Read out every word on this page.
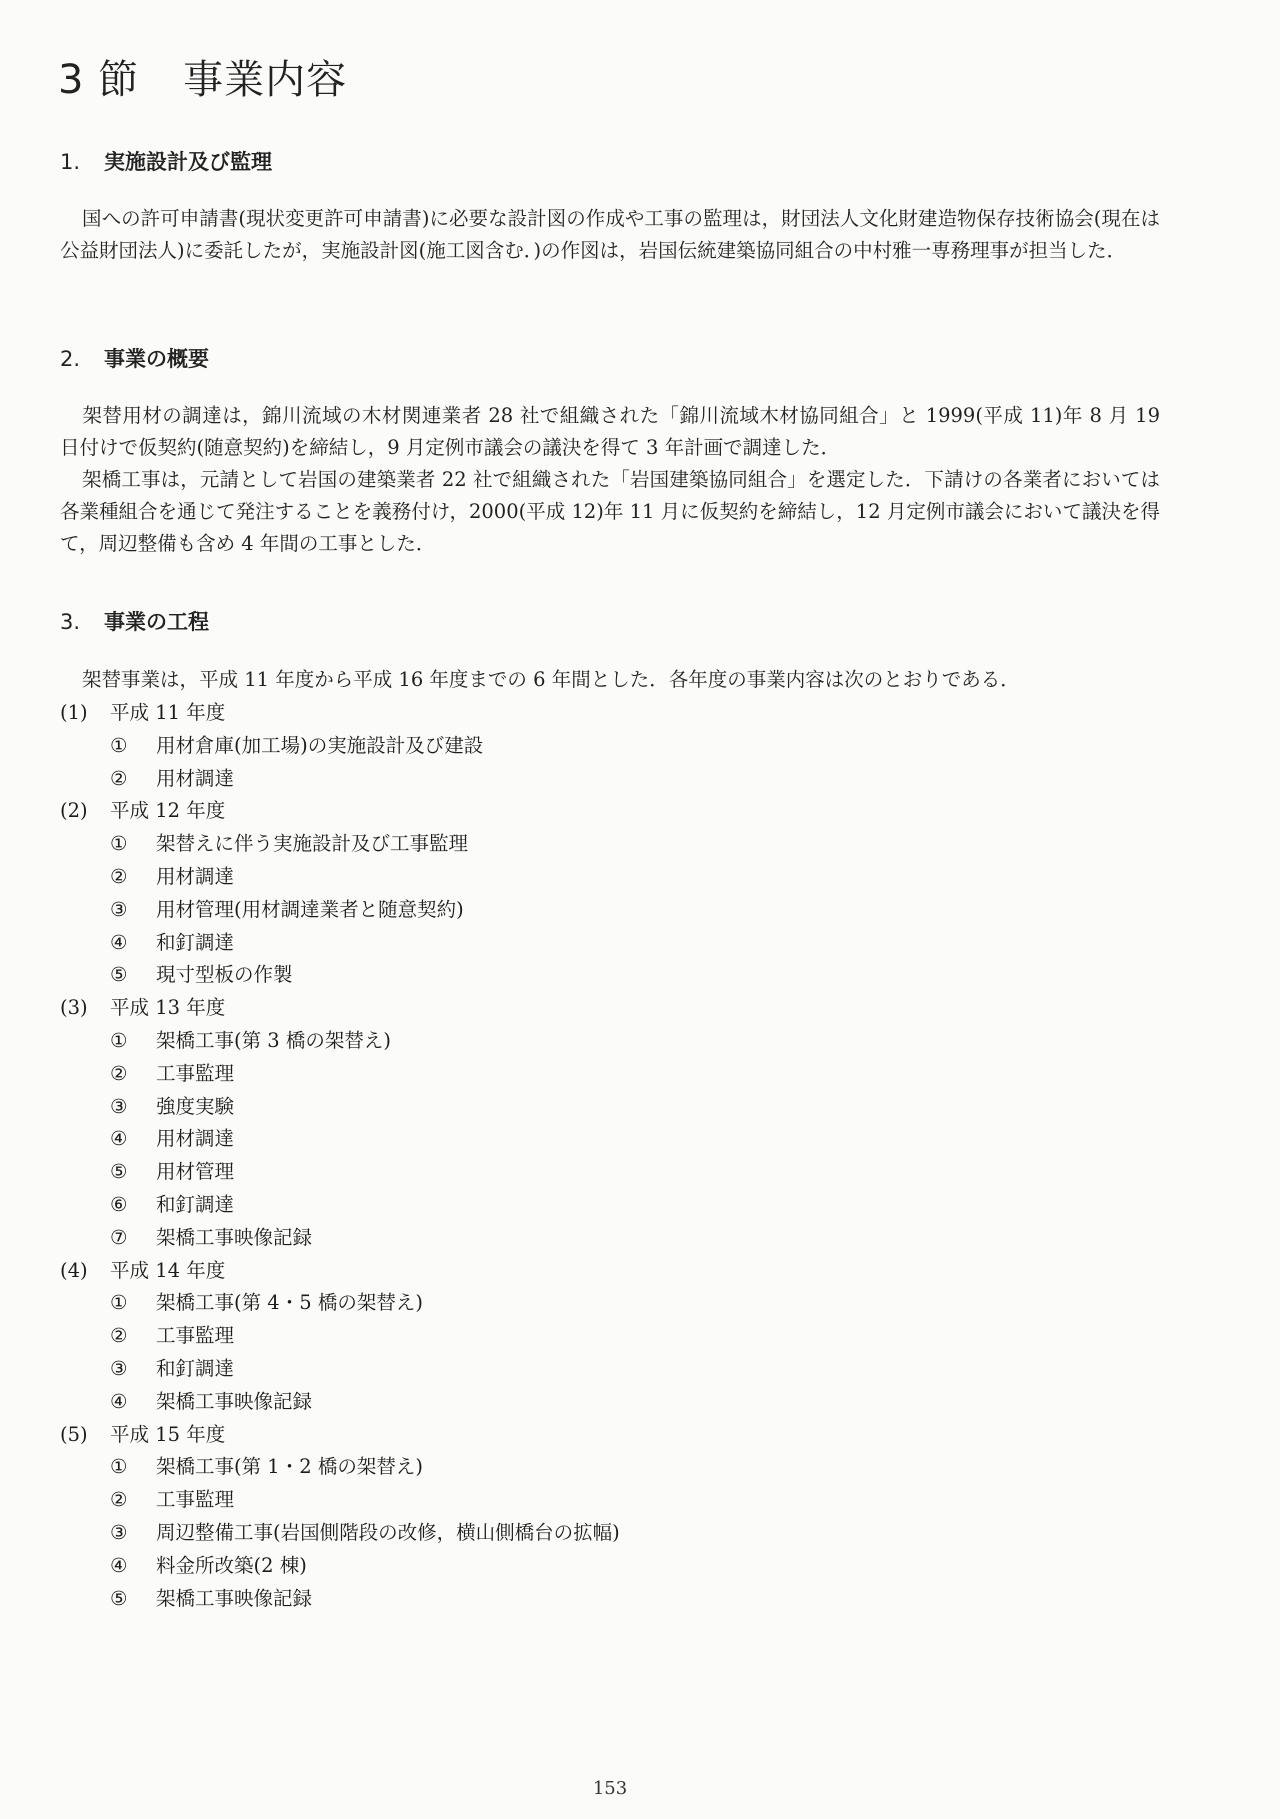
3 節 事業内容
1. 実施設計及び監理

国への許可申請書(現状変更許可申請書)に必要な設計図の作成や工事の監理は，財団法人文化財建造物保存技術協会(現在は公益財団法人)に委託したが，実施設計図(施工図含む．)の作図は，岩国伝統建築協同組合の中村雅一専務理事が担当した．

2. 事業の概要

架替用材の調達は，錦川流域の木材関連業者 28 社で組織された「錦川流域木材協同組合」と 1999(平成 11)年 8 月 19 日付けで仮契約(随意契約)を締結し，9 月定例市議会の議決を得て 3 年計画で調達した．

架橋工事は，元請として岩国の建築業者 22 社で組織された「岩国建築協同組合」を選定した．下請けの各業者においては各業種組合を通じて発注することを義務付け，2000(平成 12)年 11 月に仮契約を締結し，12 月定例市議会において議決を得て，周辺整備も含め 4 年間の工事とした．

3. 事業の工程

架替事業は，平成 11 年度から平成 16 年度までの 6 年間とした．各年度の事業内容は次のとおりである．

(1) 平成 11 年度
① 用材倉庫(加工場)の実施設計及び建設
② 用材調達
(2) 平成 12 年度
① 架替えに伴う実施設計及び工事監理
② 用材調達
③ 用材管理(用材調達業者と随意契約)
④ 和釘調達
⑤ 現寸型板の作製
(3) 平成 13 年度
① 架橋工事(第 3 橋の架替え)
② 工事監理
③ 強度実験
④ 用材調達
⑤ 用材管理
⑥ 和釘調達
⑦ 架橋工事映像記録
(4) 平成 14 年度
① 架橋工事(第 4・5 橋の架替え)
② 工事監理
③ 和釘調達
④ 架橋工事映像記録
(5) 平成 15 年度
① 架橋工事(第 1・2 橋の架替え)
② 工事監理
③ 周辺整備工事(岩国側階段の改修，横山側橋台の拡幅)
④ 料金所改築(2 棟)
⑤ 架橋工事映像記録

153
